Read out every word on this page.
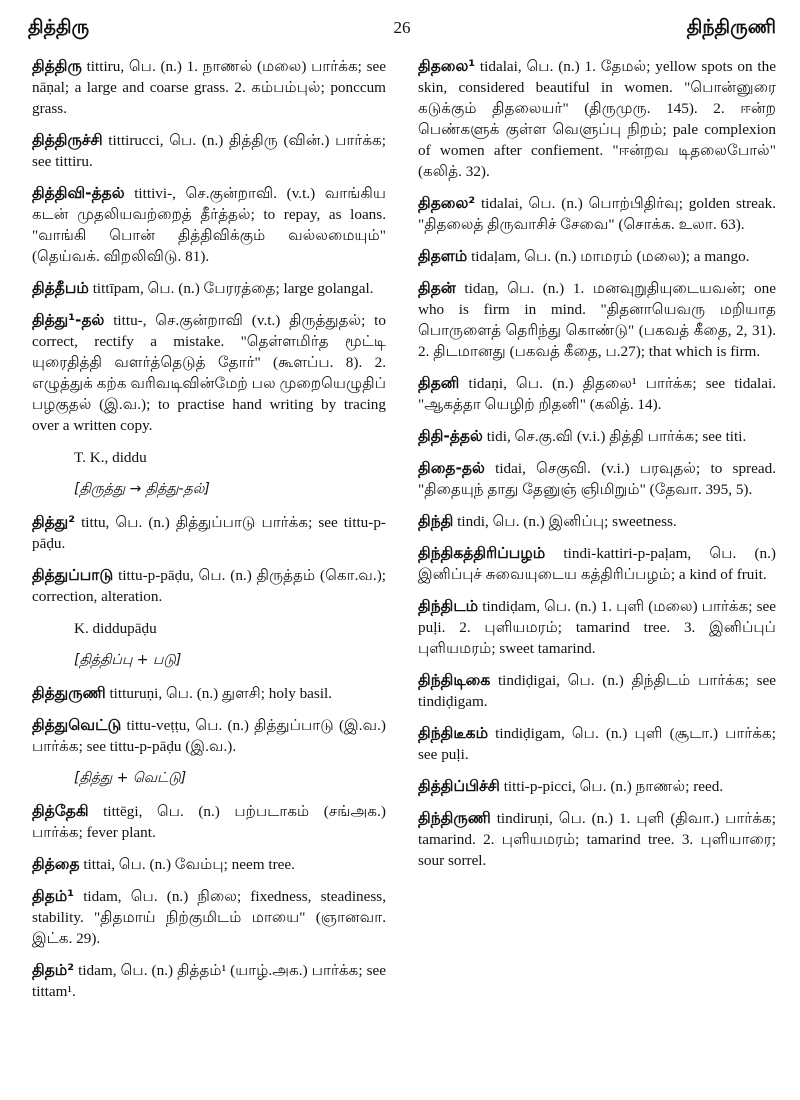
தித்திரு	26	திந்திருணி

தித்திரு tittiru, பெ. (n.) 1. நாணல் (மலை) பார்க்க; see nāṇal; a large and coarse grass. 2. கம்பம்புல்; ponccum grass.

தித்திருச்சி tittirucci, பெ. (n.) தித்திரு (வின்.) பார்க்க; see tittiru.

தித்திவி-த்தல் tittivi-, செ.குன்றாவி. (v.t.) வாங்கிய கடன் முதலியவற்றைத் தீர்த்தல்; to repay, as loans. "வாங்கி பொன் தித்திவிக்கும் வல்லமையும்" (தெய்வக். விறலிவிடு. 81).

தித்தீபம் tittīpam, பெ. (n.) பேரரத்தை; large golangal.

தித்து¹-தல் tittu-, செ.குன்றாவி (v.t.) திருத்துதல்; to correct, rectify a mistake. "தெள்ளமிர்த மூட்டி யுரைதித்தி வளர்த்தெடுத் தோர்" (கூளப்ப. 8). 2. எழுத்துக் கற்க வரிவடிவின்மேற் பல முறையெழுதிப் பழகுதல் (இ.வ.); to practise hand writing by tracing over a written copy.

T. K., diddu

[திருத்து → தித்து-தல்]

தித்து² tittu, பெ. (n.) தித்துப்பாடு பார்க்க; see tittu-p-pāḍu.

தித்துப்பாடு tittu-p-pāḍu, பெ. (n.) திருத்தம் (கொ.வ.); correction, alteration.

K. diddupāḍu

[தித்திப்பு + படு]

தித்துருணி titturuṇi, பெ. (n.) துளசி; holy basil.

தித்துவெட்டு tittu-veṭṭu, பெ. (n.) தித்துப்பாடு (இ.வ.) பார்க்க; see tittu-p-pāḍu (இ.வ.).

[தித்து + வெட்டு]

தித்தேகி tittēgi, பெ. (n.) பற்படாகம் (சங்அக.) பார்க்க; fever plant.

தித்தை tittai, பெ. (n.) வேம்பு; neem tree.

திதம்¹ tidam, பெ. (n.) நிலை; fixedness, steadiness, stability. "திதமாய் நிற்குமிடம் மாயை" (ஞானவா. இட்க. 29).

திதம்² tidam, பெ. (n.) தித்தம்¹ (யாழ்.அக.) பார்க்க; see tittam¹.

திதலை¹ tidalai, பெ. (n.) 1. தேமல்; yellow spots on the skin, considered beautiful in women. "பொன்னுரை கடுக்கும் திதலையர்" (திருமுரு. 145). 2. ஈன்ற பெண்களுக் குள்ள வெளுப்பு நிறம்; pale complexion of women after confiement. "ஈன்றவ டிதலைபோல்" (கலித். 32).

திதலை² tidalai, பெ. (n.) பொற்பிதிர்வு; golden streak. "திதலைத் திருவாசிச் சேவை" (சொக்க. உலா. 63).

திதளம் tidaḷam, பெ. (n.) மாமரம் (மலை); a mango.

திதன் tidaṉ, பெ. (n.) 1. மனவுறுதியுடையவன்; one who is firm in mind. "திதனாயெவரு மறியாத பொருளைத் தெரிந்து கொண்டு" (பகவத் கீதை, 2, 31). 2. திடமானது (பகவத் கீதை, ப.27); that which is firm.

திதனி tidaṇi, பெ. (n.) திதலை¹ பார்க்க; see tidalai. "ஆகத்தா யெழிற் றிதனி" (கலித். 14).

திதி-த்தல் tidi, செ.கு.வி (v.i.) தித்தி பார்க்க; see titi.

திதை-தல் tidai, செகுவி. (v.i.) பரவுதல்; to spread. "திதையுந் தாது தேனுஞ் ஞிமிறும்" (தேவா. 395, 5).

திந்தி tindi, பெ. (n.) இனிப்பு; sweetness.

திந்திகத்திரிப்பழம் tindi-kattiri-p-paḷam, பெ. (n.) இனிப்புச் சுவையுடைய கத்திரிப்பழம்; a kind of fruit.

திந்திடம் tindiḍam, பெ. (n.) 1. புளி (மலை) பார்க்க; see puḷi. 2. புளியமரம்; tamarind tree. 3. இனிப்புப் புளியமரம்; sweet tamarind.

திந்திடிகை tindiḍigai, பெ. (n.) திந்திடம் பார்க்க; see tindiḍigam.

திந்திடீகம் tindiḍigam, பெ. (n.) புளி (சூடா.) பார்க்க; see puḷi.

தித்திப்பிச்சி titti-p-picci, பெ. (n.) நாணல்; reed.

திந்திருணி tindiruṇi, பெ. (n.) 1. புளி (திவா.) பார்க்க; tamarind. 2. புளியமரம்; tamarind tree. 3. புளியாரை; sour sorrel.
